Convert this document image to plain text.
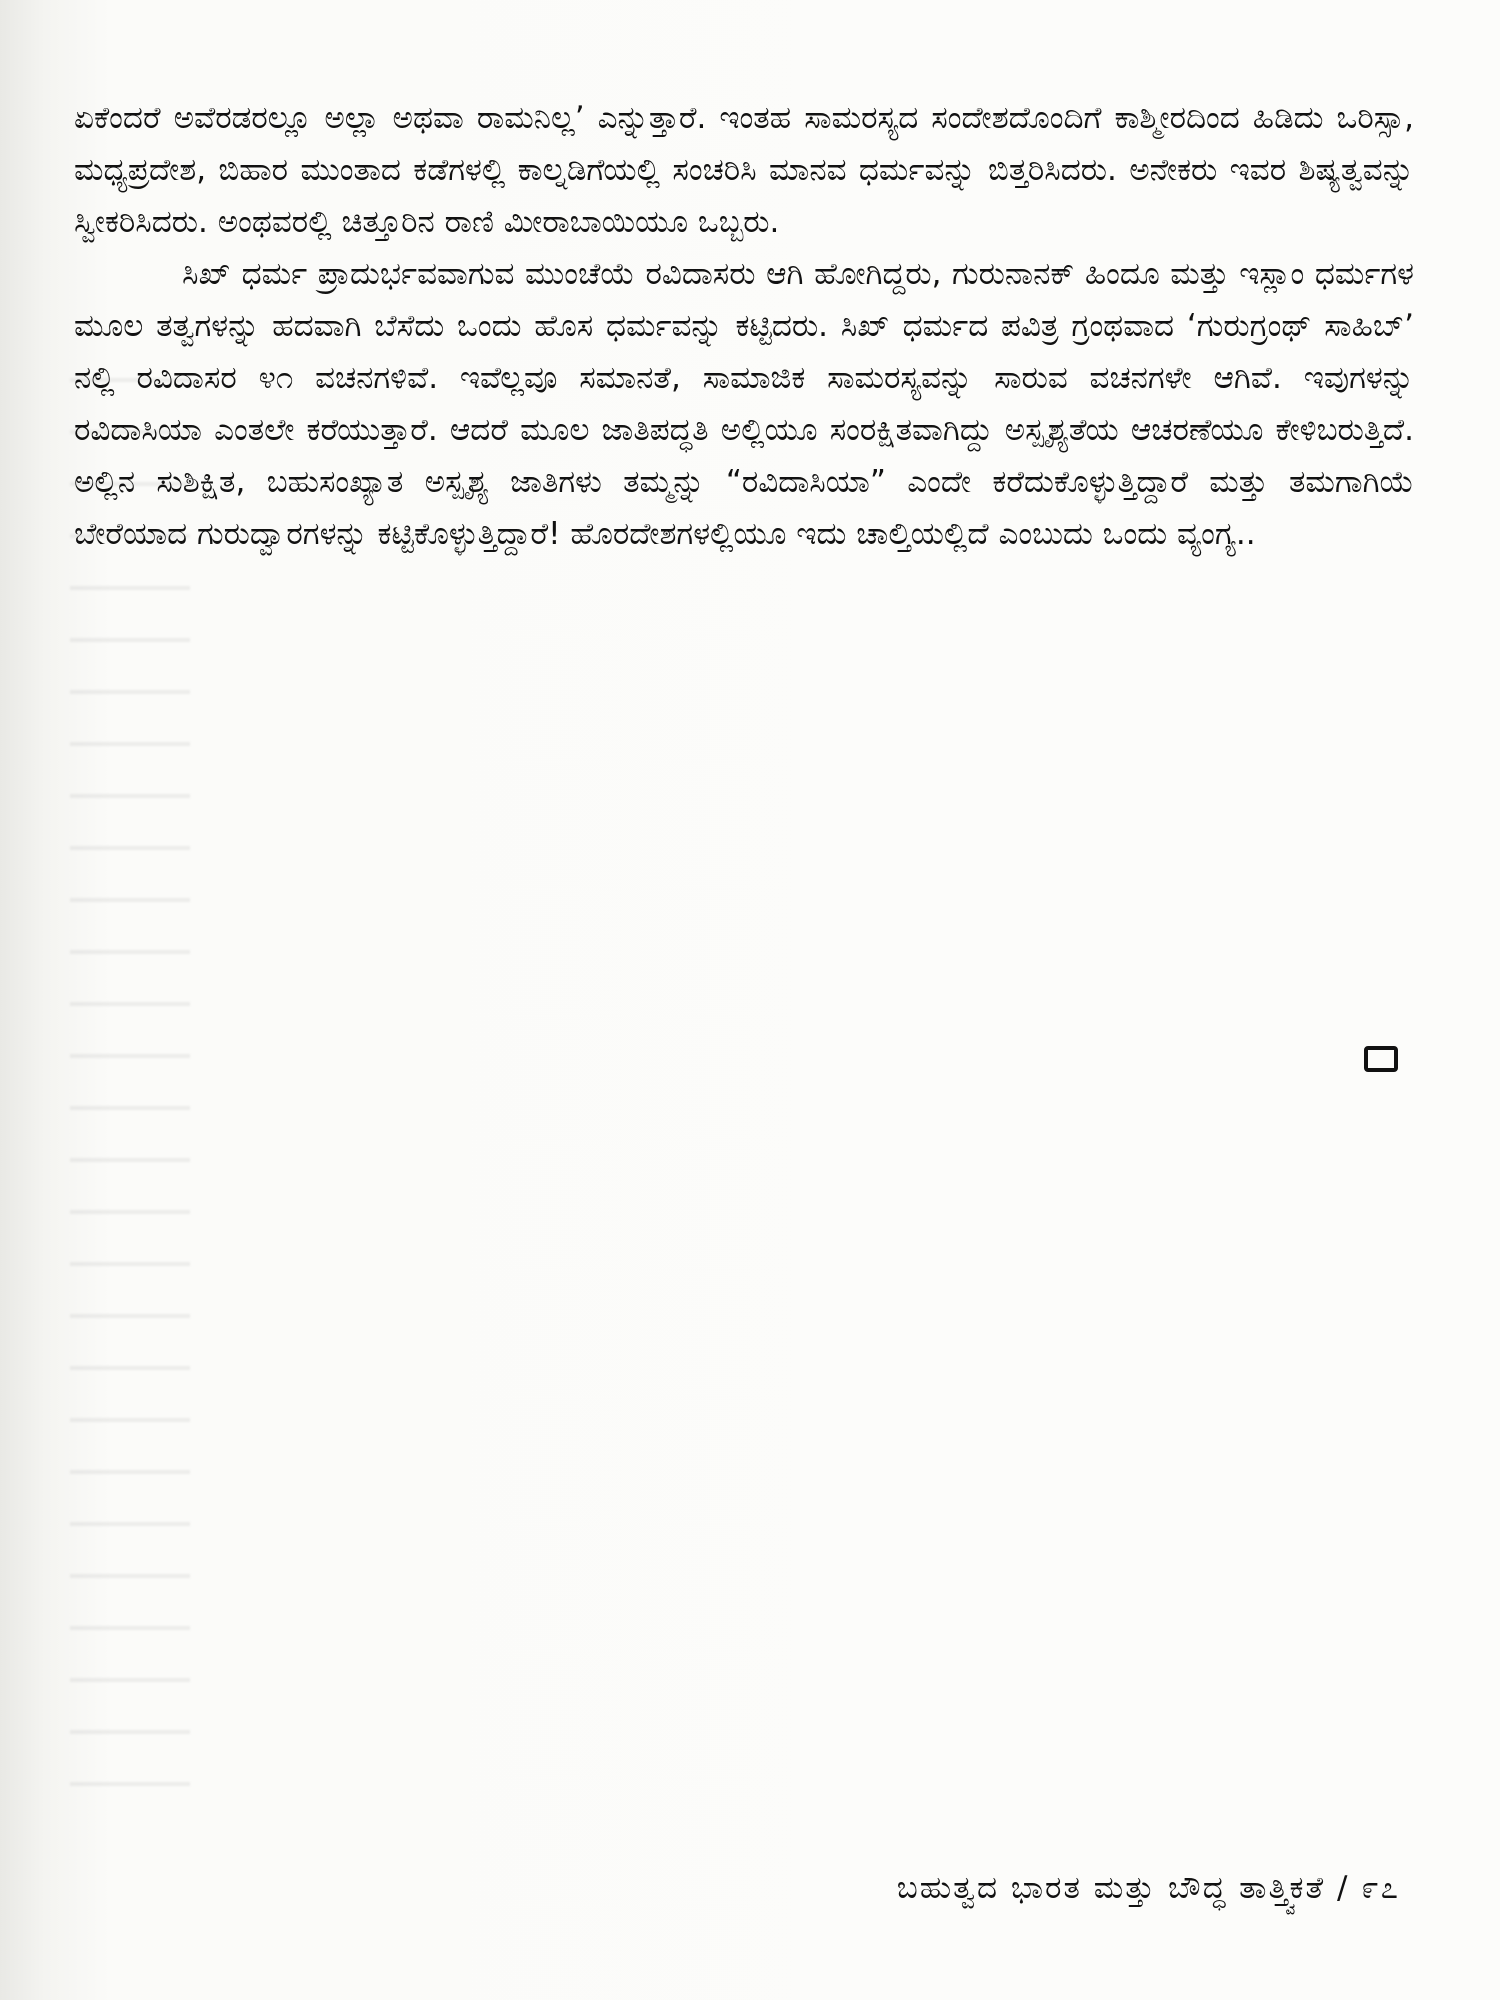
ಏಕೆಂದರೆ ಅವೆರಡರಲ್ಲೂ ಅಲ್ಲಾ ಅಥವಾ ರಾಮನಿಲ್ಲ’ ಎನ್ನುತ್ತಾರೆ. ಇಂತಹ ಸಾಮರಸ್ಯದ ಸಂದೇಶದೊಂದಿಗೆ ಕಾಶ್ಮೀರದಿಂದ ಹಿಡಿದು ಒರಿಸ್ಸಾ, ಮಧ್ಯಪ್ರದೇಶ, ಬಿಹಾರ ಮುಂತಾದ ಕಡೆಗಳಲ್ಲಿ ಕಾಲ್ನಡಿಗೆಯಲ್ಲಿ ಸಂಚರಿಸಿ ಮಾನವ ಧರ್ಮವನ್ನು ಬಿತ್ತರಿಸಿದರು. ಅನೇಕರು ಇವರ ಶಿಷ್ಯತ್ವವನ್ನು ಸ್ವೀಕರಿಸಿದರು. ಅಂಥವರಲ್ಲಿ ಚಿತ್ತೂರಿನ ರಾಣಿ ಮೀರಾಬಾಯಿಯೂ ಒಬ್ಬರು.

ಸಿಖ್ ಧರ್ಮ ಪ್ರಾದುರ್ಭವವಾಗುವ ಮುಂಚೆಯೆ ರವಿದಾಸರು ಆಗಿ ಹೋಗಿದ್ದರು, ಗುರುನಾನಕ್ ಹಿಂದೂ ಮತ್ತು ಇಸ್ಲಾಂ ಧರ್ಮಗಳ ಮೂಲ ತತ್ವಗಳನ್ನು ಹದವಾಗಿ ಬೆಸೆದು ಒಂದು ಹೊಸ ಧರ್ಮವನ್ನು ಕಟ್ಟಿದರು. ಸಿಖ್ ಧರ್ಮದ ಪವಿತ್ರ ಗ್ರಂಥವಾದ ‘ಗುರುಗ್ರಂಥ್ ಸಾಹಿಬ್’ ನಲ್ಲಿ ರವಿದಾಸರ ೪೧ ವಚನಗಳಿವೆ. ಇವೆಲ್ಲವೂ ಸಮಾನತೆ, ಸಾಮಾಜಿಕ ಸಾಮರಸ್ಯವನ್ನು ಸಾರುವ ವಚನಗಳೇ ಆಗಿವೆ. ಇವುಗಳನ್ನು ರವಿದಾಸಿಯಾ ಎಂತಲೇ ಕರೆಯುತ್ತಾರೆ. ಆದರೆ ಮೂಲ ಜಾತಿಪದ್ಧತಿ ಅಲ್ಲಿಯೂ ಸಂರಕ್ಷಿತವಾಗಿದ್ದು ಅಸ್ಪೃಶ್ಯತೆಯ ಆಚರಣೆಯೂ ಕೇಳಿಬರುತ್ತಿದೆ. ಅಲ್ಲಿನ ಸುಶಿಕ್ಷಿತ, ಬಹುಸಂಖ್ಯಾತ ಅಸ್ಪೃಶ್ಯ ಜಾತಿಗಳು ತಮ್ಮನ್ನು “ರವಿದಾಸಿಯಾ” ಎಂದೇ ಕರೆದುಕೊಳ್ಳುತ್ತಿದ್ದಾರೆ ಮತ್ತು ತಮಗಾಗಿಯೆ ಬೇರೆಯಾದ ಗುರುದ್ವಾರಗಳನ್ನು ಕಟ್ಟಿಕೊಳ್ಳುತ್ತಿದ್ದಾರೆ! ಹೊರದೇಶಗಳಲ್ಲಿಯೂ ಇದು ಚಾಲ್ತಿಯಲ್ಲಿದೆ ಎಂಬುದು ಒಂದು ವ್ಯಂಗ್ಯ..

ಬಹುತ್ವದ ಭಾರತ ಮತ್ತು ಬೌದ್ಧ ತಾತ್ತ್ವಿಕತೆ / ೯೭
